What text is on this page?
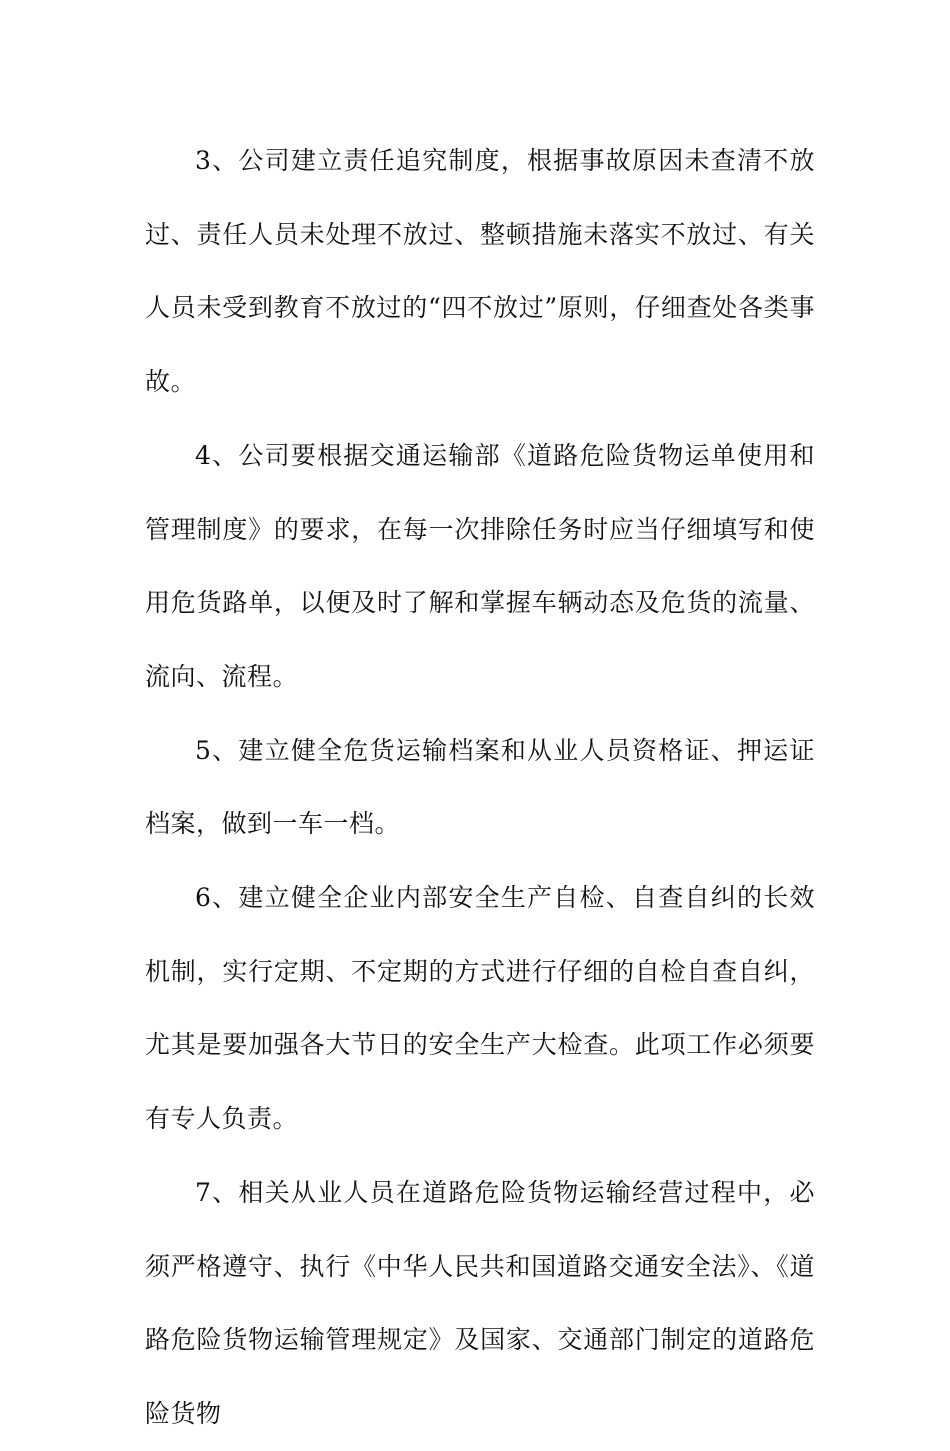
3、公司建立责任追究制度，根据事故原因未查清不放过、责任人员未处理不放过、整顿措施未落实不放过、有关人员未受到教育不放过的“四不放过”原则，仔细查处各类事故。

4、公司要根据交通运输部《道路危险货物运单使用和管理制度》的要求，在每一次排除任务时应当仔细填写和使用危货路单，以便及时了解和掌握车辆动态及危货的流量、流向、流程。

5、建立健全危货运输档案和从业人员资格证、押运证档案，做到一车一档。

6、建立健全企业内部安全生产自检、自查自纠的长效机制，实行定期、不定期的方式进行仔细的自检自查自纠，尤其是要加强各大节日的安全生产大检查。此项工作必须要有专人负责。

7、相关从业人员在道路危险货物运输经营过程中，必须严格遵守、执行《中华人民共和国道路交通安全法》、《道路危险货物运输管理规定》及国家、交通部门制定的道路危险货物
